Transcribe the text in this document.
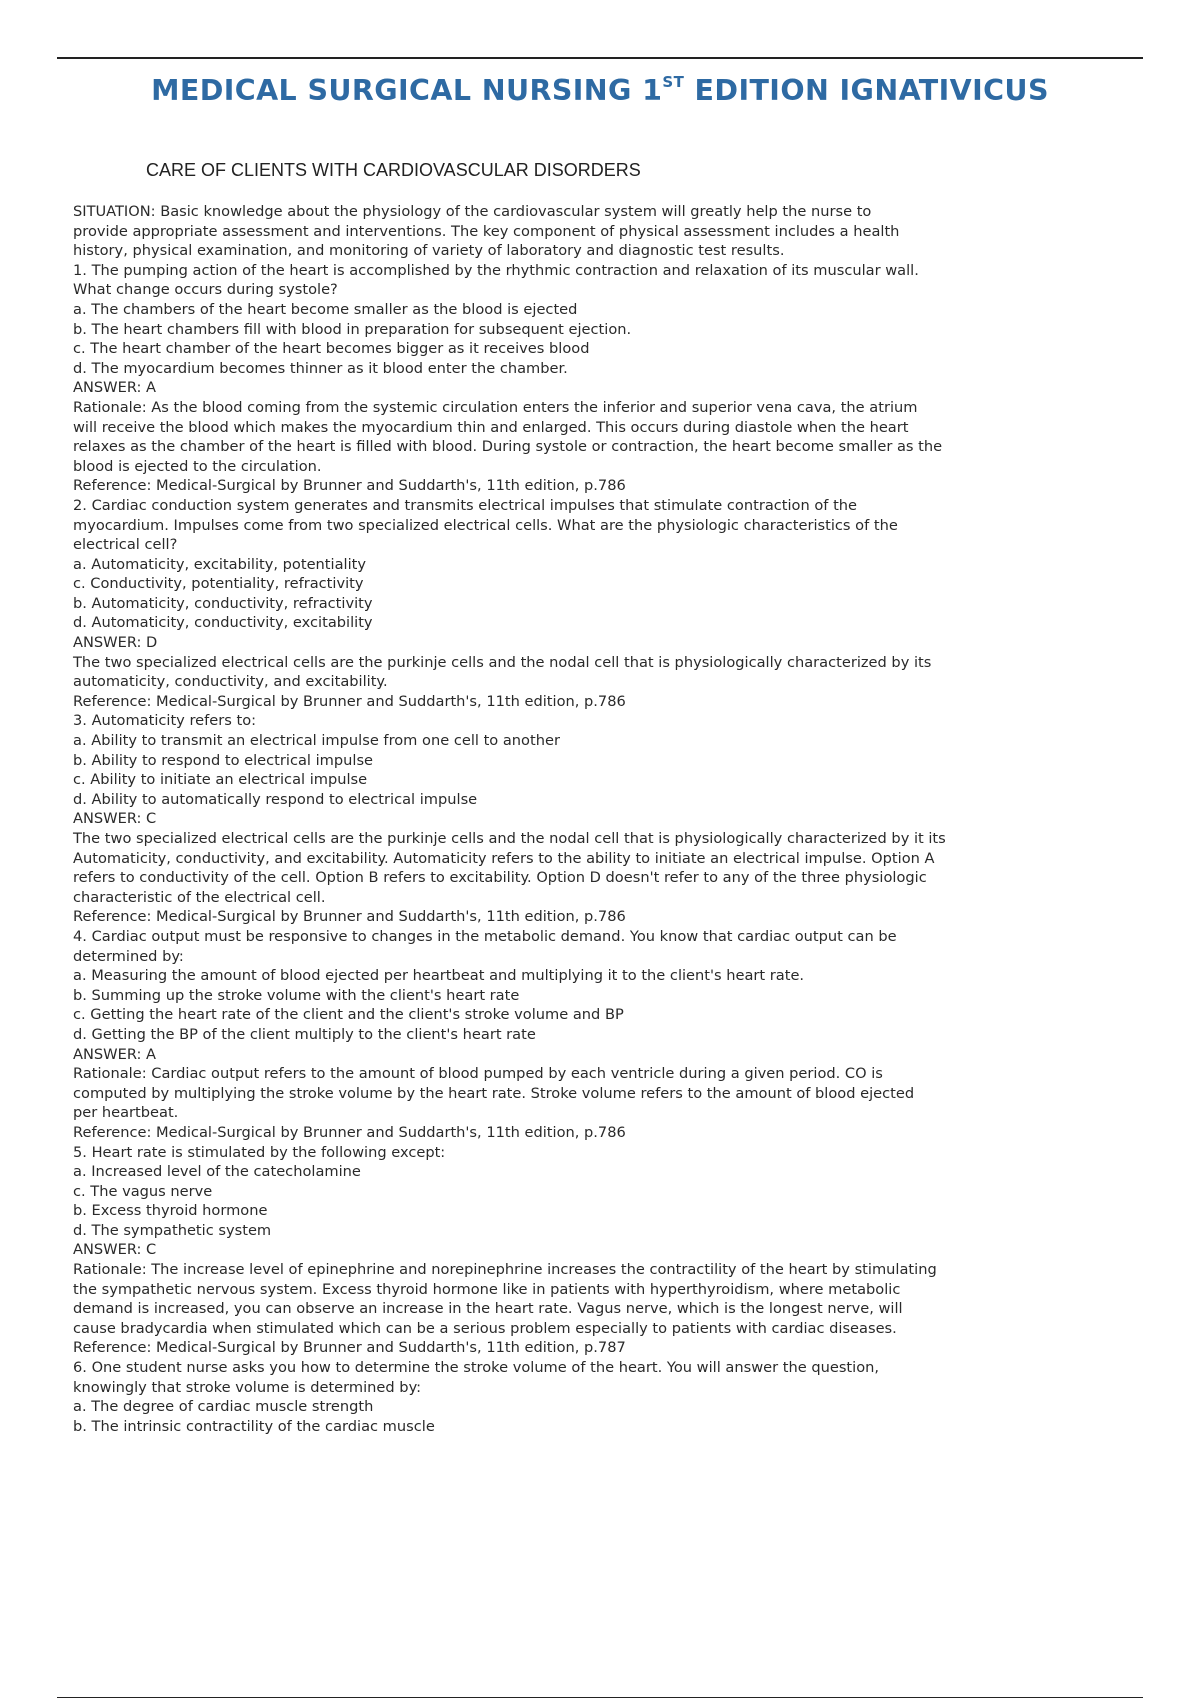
MEDICAL SURGICAL NURSING 1ST EDITION IGNATIVICUS
CARE OF CLIENTS WITH CARDIOVASCULAR DISORDERS

SITUATION: Basic knowledge about the physiology of the cardiovascular system will greatly help the nurse to

provide appropriate assessment and interventions. The key component of physical assessment includes a health

history, physical examination, and monitoring of variety of laboratory and diagnostic test results.

1. The pumping action of the heart is accomplished by the rhythmic contraction and relaxation of its muscular wall.

What change occurs during systole?

a. The chambers of the heart become smaller as the blood is ejected

b. The heart chambers fill with blood in preparation for subsequent ejection.

c. The heart chamber of the heart becomes bigger as it receives blood

d. The myocardium becomes thinner as it blood enter the chamber.

ANSWER: A

Rationale: As the blood coming from the systemic circulation enters the inferior and superior vena cava, the atrium

will receive the blood which makes the myocardium thin and enlarged. This occurs during diastole when the heart

relaxes as the chamber of the heart is filled with blood. During systole or contraction, the heart become smaller as the

blood is ejected to the circulation.

Reference: Medical-Surgical by Brunner and Suddarth's, 11th edition, p.786

2. Cardiac conduction system generates and transmits electrical impulses that stimulate contraction of the

myocardium. Impulses come from two specialized electrical cells. What are the physiologic characteristics of the

electrical cell?

a. Automaticity, excitability, potentiality

c. Conductivity, potentiality, refractivity

b. Automaticity, conductivity, refractivity

d. Automaticity, conductivity, excitability

ANSWER: D

The two specialized electrical cells are the purkinje cells and the nodal cell that is physiologically characterized by its

automaticity, conductivity, and excitability.

Reference: Medical-Surgical by Brunner and Suddarth's, 11th edition, p.786

3. Automaticity refers to:

a. Ability to transmit an electrical impulse from one cell to another

b. Ability to respond to electrical impulse

c. Ability to initiate an electrical impulse

d. Ability to automatically respond to electrical impulse

ANSWER: C

The two specialized electrical cells are the purkinje cells and the nodal cell that is physiologically characterized by it its

Automaticity, conductivity, and excitability. Automaticity refers to the ability to initiate an electrical impulse. Option A

refers to conductivity of the cell. Option B refers to excitability. Option D doesn't refer to any of the three physiologic

characteristic of the electrical cell.

Reference: Medical-Surgical by Brunner and Suddarth's, 11th edition, p.786

4. Cardiac output must be responsive to changes in the metabolic demand. You know that cardiac output can be

determined by:

a. Measuring the amount of blood ejected per heartbeat and multiplying it to the client's heart rate.

b. Summing up the stroke volume with the client's heart rate

c. Getting the heart rate of the client and the client's stroke volume and BP

d. Getting the BP of the client multiply to the client's heart rate

ANSWER: A

Rationale: Cardiac output refers to the amount of blood pumped by each ventricle during a given period. CO is

computed by multiplying the stroke volume by the heart rate. Stroke volume refers to the amount of blood ejected

per heartbeat.

Reference: Medical-Surgical by Brunner and Suddarth's, 11th edition, p.786

5. Heart rate is stimulated by the following except:

a. Increased level of the catecholamine

c. The vagus nerve

b. Excess thyroid hormone

d. The sympathetic system

ANSWER: C

Rationale: The increase level of epinephrine and norepinephrine increases the contractility of the heart by stimulating

the sympathetic nervous system. Excess thyroid hormone like in patients with hyperthyroidism, where metabolic

demand is increased, you can observe an increase in the heart rate. Vagus nerve, which is the longest nerve, will

cause bradycardia when stimulated which can be a serious problem especially to patients with cardiac diseases.

Reference: Medical-Surgical by Brunner and Suddarth's, 11th edition, p.787

6. One student nurse asks you how to determine the stroke volume of the heart. You will answer the question,

knowingly that stroke volume is determined by:

a. The degree of cardiac muscle strength

b. The intrinsic contractility of the cardiac muscle
